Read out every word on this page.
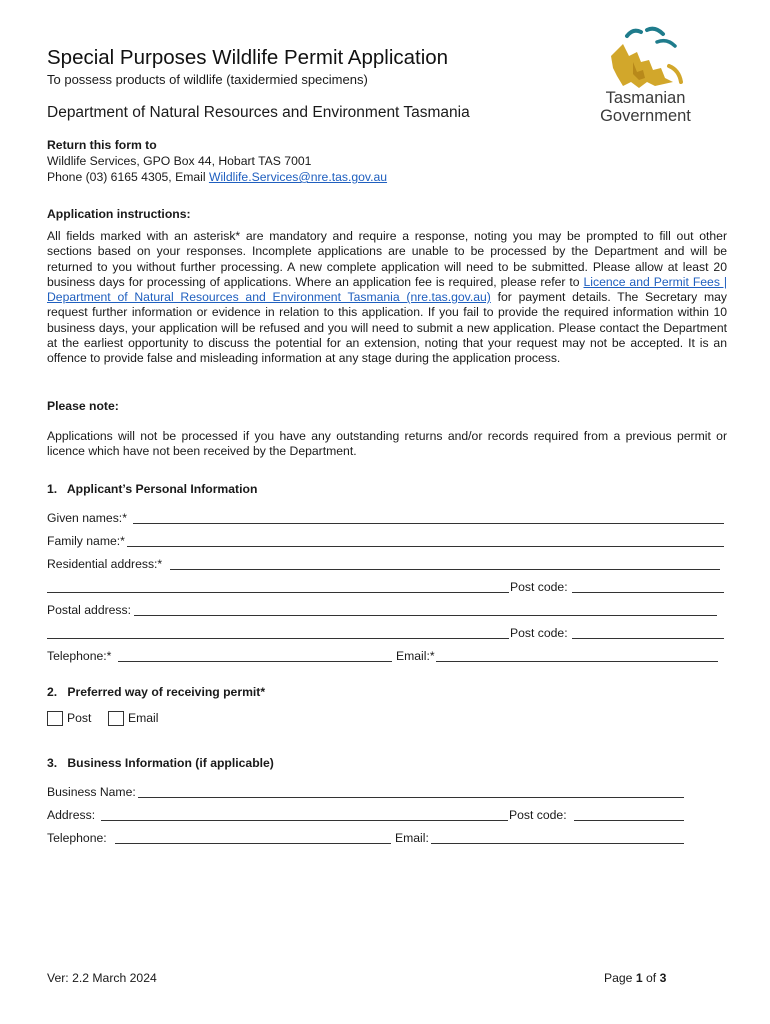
Special Purposes Wildlife Permit Application
To possess products of wildlife (taxidermied specimens)
Department of Natural Resources and Environment Tasmania
Tasmanian
Government
Return this form to
Wildlife Services, GPO Box 44, Hobart TAS 7001
Phone (03) 6165 4305, Email Wildlife.Services@nre.tas.gov.au
Application instructions:
All fields marked with an asterisk* are mandatory and require a response, noting you may be prompted to fill out other sections based on your responses. Incomplete applications are unable to be processed by the Department and will be returned to you without further processing. A new complete application will need to be submitted. Please allow at least 20 business days for processing of applications. Where an application fee is required, please refer to Licence and Permit Fees | Department of Natural Resources and Environment Tasmania (nre.tas.gov.au) for payment details. The Secretary may request further information or evidence in relation to this application. If you fail to provide the required information within 10 business days, your application will be refused and you will need to submit a new application. Please contact the Department at the earliest opportunity to discuss the potential for an extension, noting that your request may not be accepted. It is an offence to provide false and misleading information at any stage during the application process.
Please note:
Applications will not be processed if you have any outstanding returns and/or records required from a previous permit or licence which have not been received by the Department.
1.   Applicant’s Personal Information
Given names:*
Family name:*
Residential address:*
Post code:
Postal address:
Post code:
Telephone:*	Email:*
2.   Preferred way of receiving permit*
Post	Email
3.   Business Information (if applicable)
Business Name:
Address:	Post code:
Telephone:	Email:
Ver: 2.2 March 2024	Page 1 of 3
